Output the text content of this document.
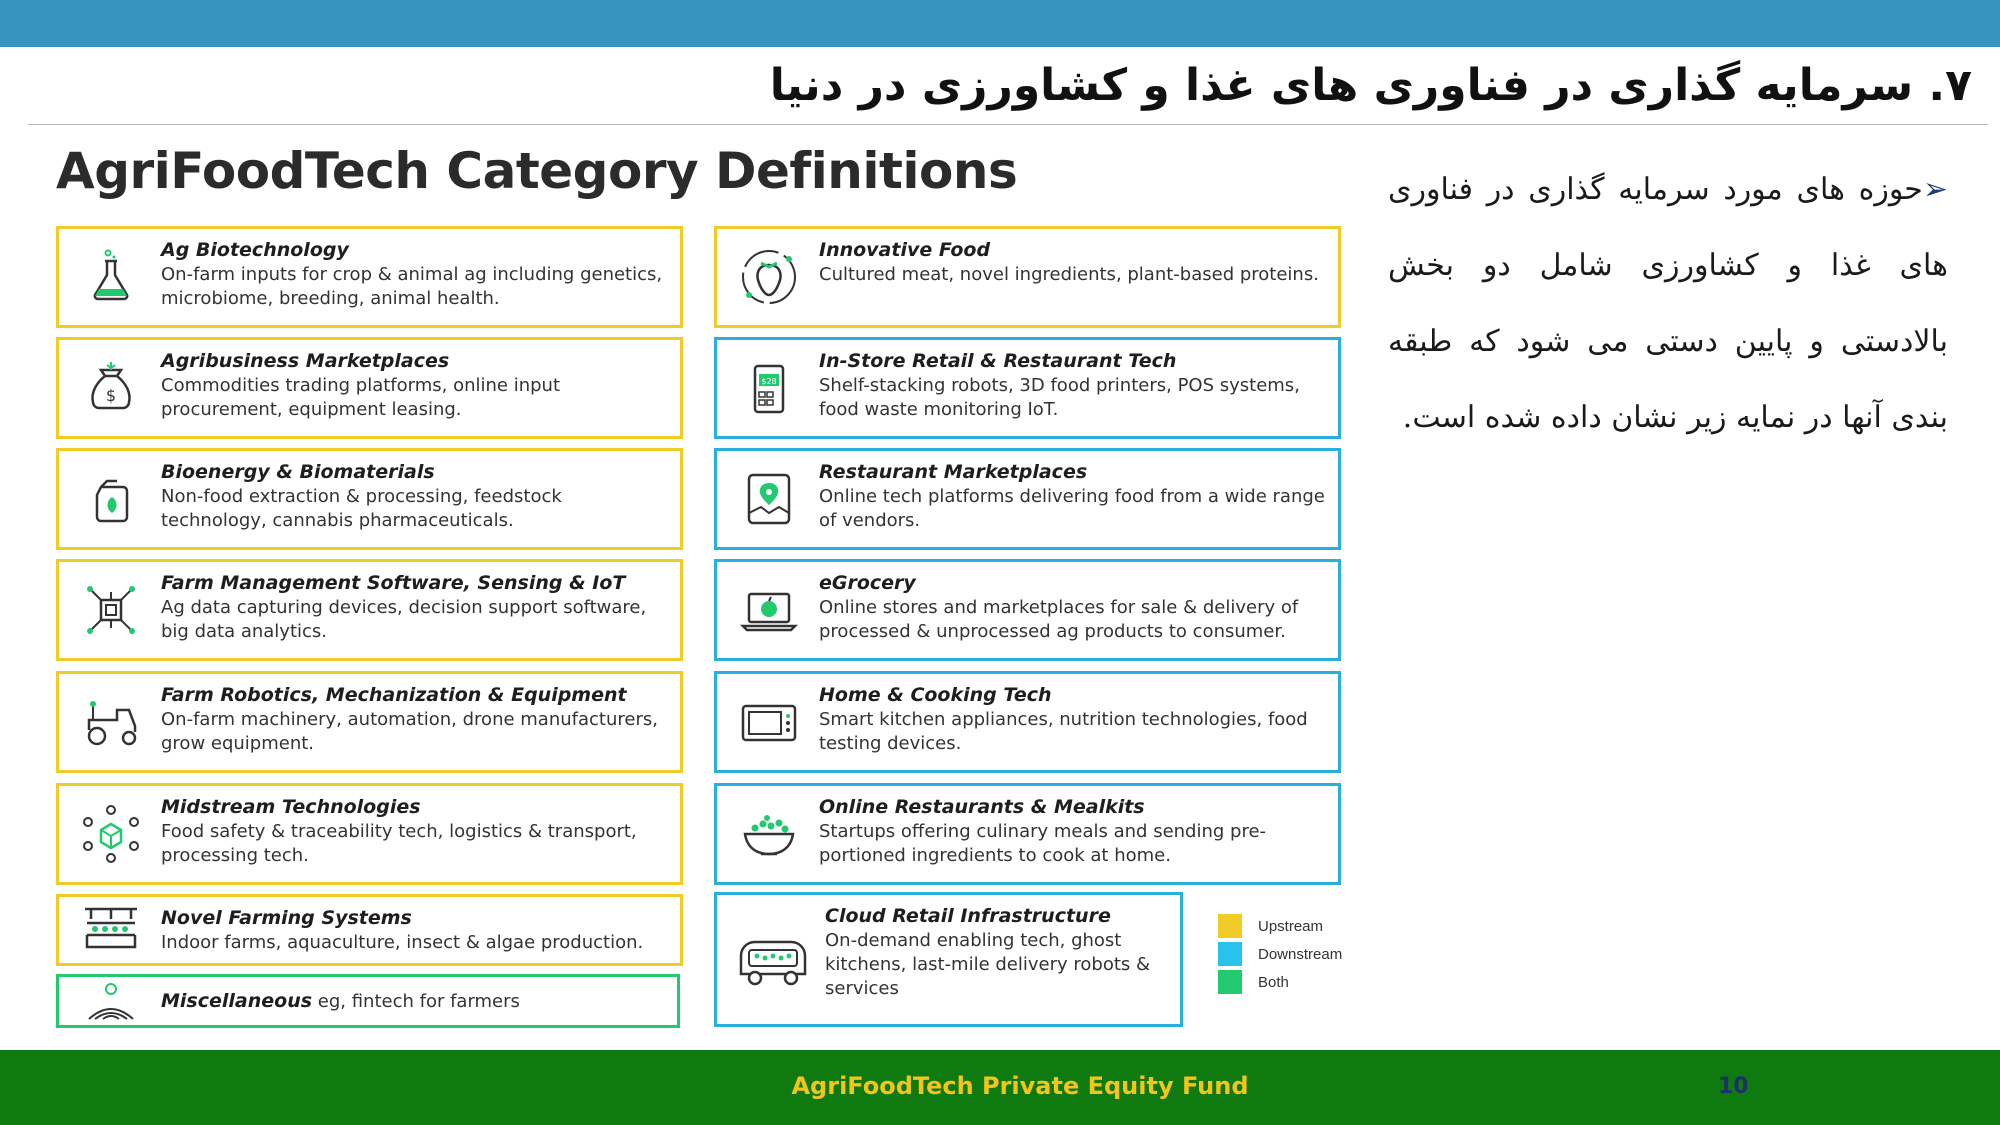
۷. سرمایه گذاری در فناوری های غذا و کشاورزی در دنیا
AgriFoodTech Category Definitions
Ag Biotechnology
On-farm inputs for crop & animal ag including genetics, microbiome, breeding, animal health.
$
Agribusiness Marketplaces
Commodities trading platforms, online input procurement, equipment leasing.
Bioenergy & Biomaterials
Non-food extraction & processing, feedstock technology, cannabis pharmaceuticals.
Farm Management Software, Sensing & IoT
Ag data capturing devices, decision support software, big data analytics.
Farm Robotics, Mechanization & Equipment
On-farm machinery, automation, drone manufacturers, grow equipment.
Midstream Technologies
Food safety & traceability tech, logistics & transport, processing tech.
Novel Farming Systems
Indoor farms, aquaculture, insect & algae production.
Miscellaneous eg, fintech for farmers
Innovative Food
Cultured meat, novel ingredients, plant-based proteins.
$28
In-Store Retail & Restaurant Tech
Shelf-stacking robots, 3D food printers, POS systems, food waste monitoring IoT.
Restaurant Marketplaces
Online tech platforms delivering food from a wide range of vendors.
eGrocery
Online stores and marketplaces for sale & delivery of processed & unprocessed ag products to consumer.
Home & Cooking Tech
Smart kitchen appliances, nutrition technologies, food testing devices.
Online Restaurants & Mealkits
Startups offering culinary meals and sending pre-portioned ingredients to cook at home.
Cloud Retail Infrastructure
On-demand enabling tech, ghost kitchens, last-mile delivery robots & services
Upstream
Downstream
Both
➢حوزه های مورد سرمایه گذاری در فناوری های غذا و کشاورزی شامل دو بخش بالادستی و پایین دستی می شود که طبقه بندی آنها در نمایه زیر نشان داده شده است.
AgriFoodTech Private Equity Fund	10
